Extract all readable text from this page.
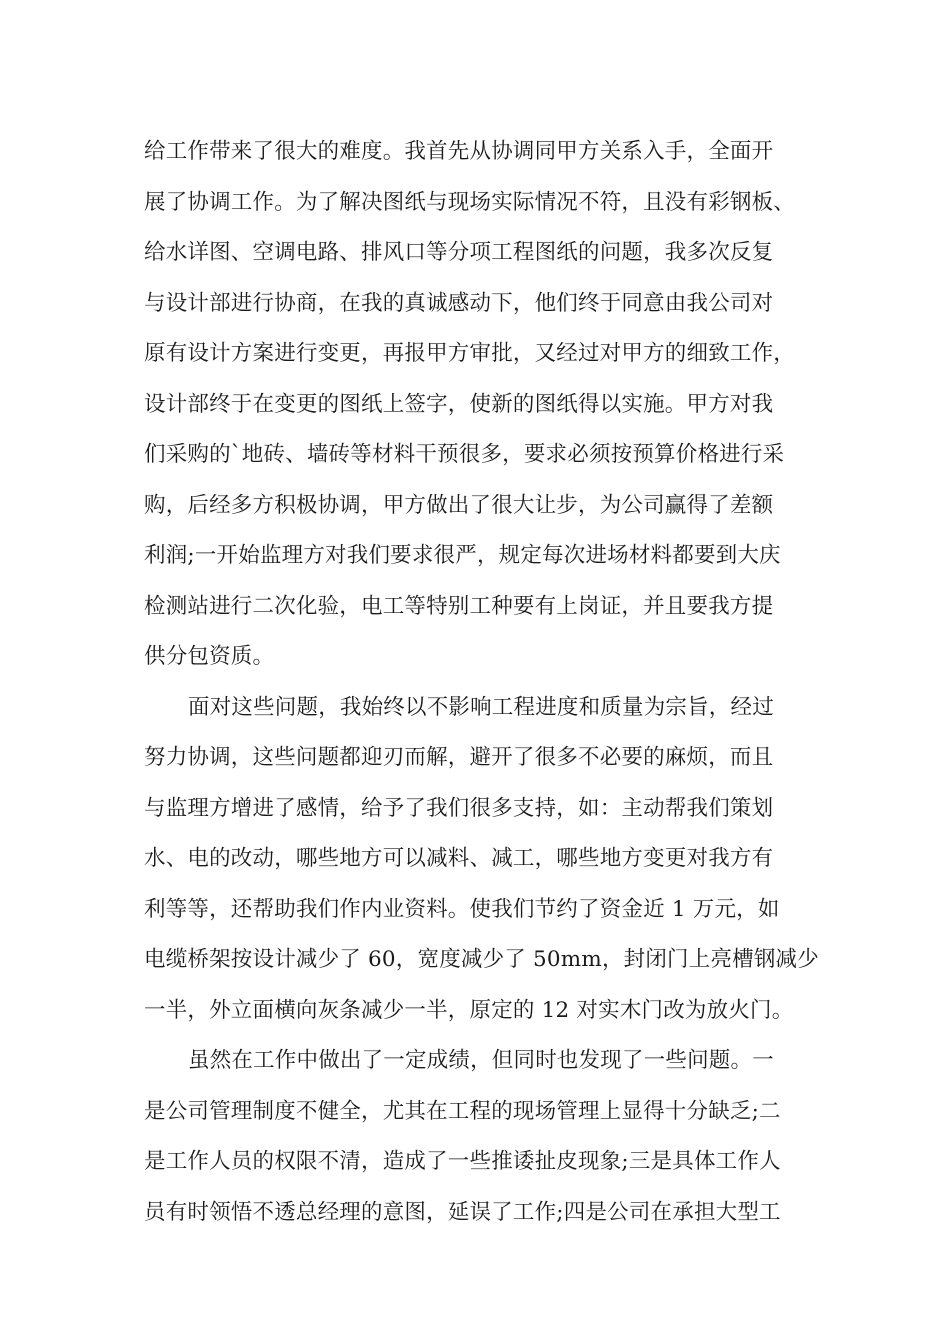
给工作带来了很大的难度。我首先从协调同甲方关系入手，全面开
展了协调工作。为了解决图纸与现场实际情况不符，且没有彩钢板、
给水详图、空调电路、排风口等分项工程图纸的问题，我多次反复
与设计部进行协商，在我的真诚感动下，他们终于同意由我公司对
原有设计方案进行变更，再报甲方审批，又经过对甲方的细致工作，
设计部终于在变更的图纸上签字，使新的图纸得以实施。甲方对我
们采购的`地砖、墙砖等材料干预很多，要求必须按预算价格进行采
购，后经多方积极协调，甲方做出了很大让步，为公司赢得了差额
利润;一开始监理方对我们要求很严，规定每次进场材料都要到大庆
检测站进行二次化验，电工等特别工种要有上岗证，并且要我方提
供分包资质。
面对这些问题，我始终以不影响工程进度和质量为宗旨，经过
努力协调，这些问题都迎刃而解，避开了很多不必要的麻烦，而且
与监理方增进了感情，给予了我们很多支持，如：主动帮我们策划
水、电的改动，哪些地方可以减料、减工，哪些地方变更对我方有
利等等，还帮助我们作内业资料。使我们节约了资金近 1 万元，如
电缆桥架按设计减少了 60，宽度减少了 50mm，封闭门上亮槽钢减少
一半，外立面横向灰条减少一半，原定的 12 对实木门改为放火门。
虽然在工作中做出了一定成绩，但同时也发现了一些问题。一
是公司管理制度不健全，尤其在工程的现场管理上显得十分缺乏;二
是工作人员的权限不清，造成了一些推诿扯皮现象;三是具体工作人
员有时领悟不透总经理的意图，延误了工作;四是公司在承担大型工
